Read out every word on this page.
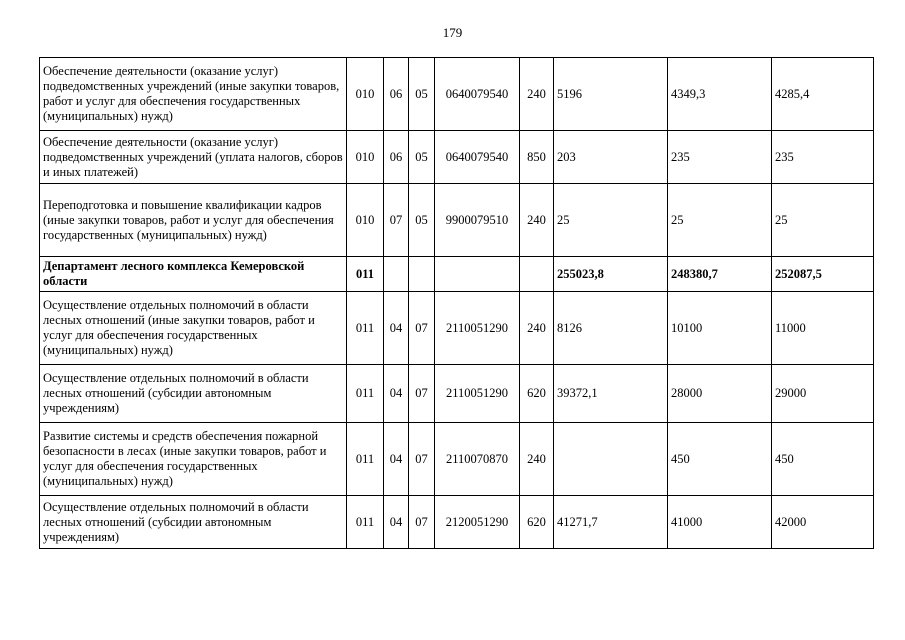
179
Обеспечение деятельности (оказание услуг) подведомственных учреждений (иные закупки товаров, работ и услуг для обеспечения государственных (муниципальных) нужд)	010	06	05	0640079540	240	5196	4349,3	4285,4
Обеспечение деятельности (оказание услуг) подведомственных учреждений (уплата налогов, сборов и иных платежей)	010	06	05	0640079540	850	203	235	235
Переподготовка и повышение квалификации кадров (иные закупки товаров, работ и услуг для обеспечения государственных (муниципальных) нужд)	010	07	05	9900079510	240	25	25	25
Департамент лесного комплекса Кемеровской области	011					255023,8	248380,7	252087,5
Осуществление отдельных полномочий в области лесных отношений (иные закупки товаров, работ и услуг для обеспечения государственных (муниципальных) нужд)	011	04	07	2110051290	240	8126	10100	11000
Осуществление отдельных полномочий в области лесных отношений (субсидии автономным учреждениям)	011	04	07	2110051290	620	39372,1	28000	29000
Развитие системы и средств обеспечения пожарной безопасности в лесах (иные закупки товаров, работ и услуг для обеспечения государственных (муниципальных) нужд)	011	04	07	2110070870	240		450	450
Осуществление отдельных полномочий в области лесных отношений (субсидии автономным учреждениям)	011	04	07	2120051290	620	41271,7	41000	42000
